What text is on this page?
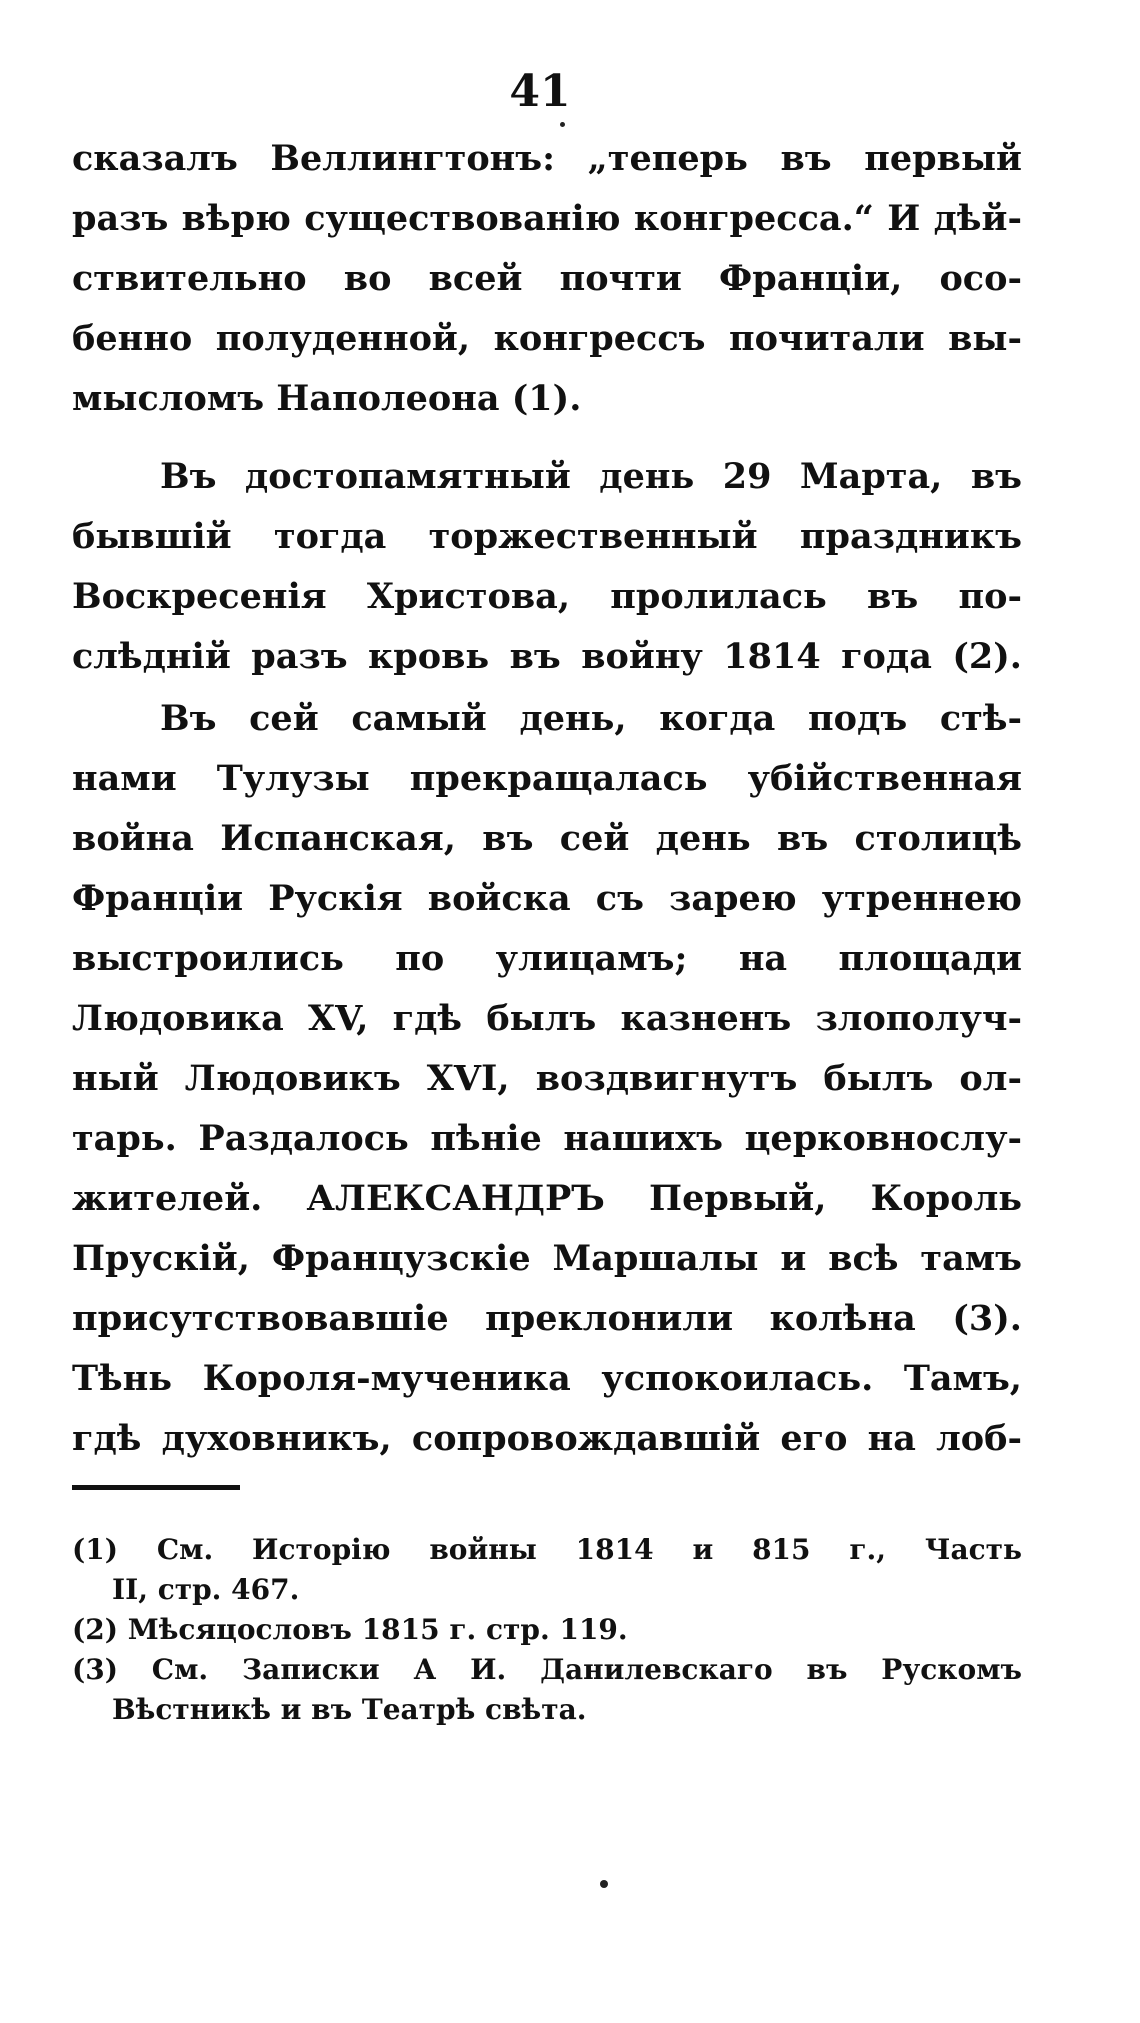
41
сказалъ Веллингтонъ: „теперь въ первый
разъ вѣрю существованію конгресса.“ И дѣй-
ствительно во всей почти Франціи, осо-
бенно полуденной, конгрессъ почитали вы-
мысломъ Наполеона (1).
Въ достопамятный день 29 Марта, въ
бывшій тогда торжественный праздникъ
Воскресенія Христова, пролилась въ по-
слѣдній разъ кровь въ войну 1814 года (2).
Въ сей самый день, когда подъ стѣ-
нами Тулузы прекращалась убійственная
война Испанская, въ сей день въ столицѣ
Франціи Рускія войска съ зарею утреннею
выстроились по улицамъ; на площади
Людовика XV, гдѣ былъ казненъ злополуч-
ный Людовикъ XVI, воздвигнутъ былъ ол-
тарь. Раздалось пѣніе нашихъ церковнослу-
жителей. АЛЕКСАНДРЪ Первый, Король
Прускій, Французскіе Маршалы и всѣ тамъ
присутствовавшіе преклонили колѣна (3).
Тѣнь Короля-мученика успокоилась. Тамъ,
гдѣ духовникъ, сопровождавшій его на лоб-
(1) См. Исторію войны 1814 и 815 г., Часть
II, стр. 467.
(2) Мѣсяцословъ 1815 г. стр. 119.
(3) См. Записки А И. Данилевскаго въ Рускомъ
Вѣстникѣ и въ Театрѣ свѣта.
